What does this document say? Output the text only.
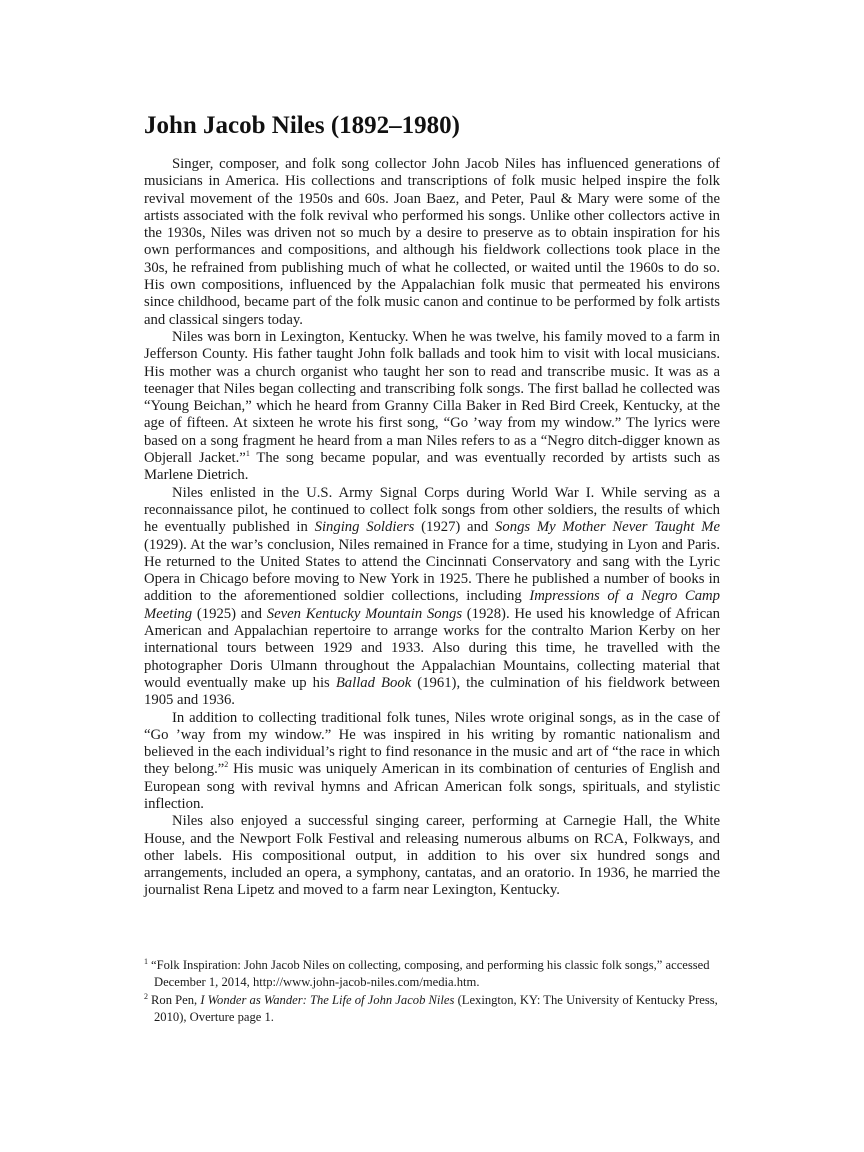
John Jacob Niles (1892–1980)

Singer, composer, and folk song collector John Jacob Niles has influenced generations of musicians in America. His collections and transcriptions of folk music helped inspire the folk revival movement of the 1950s and 60s. Joan Baez, and Peter, Paul & Mary were some of the artists associated with the folk revival who performed his songs. Unlike other collectors active in the 1930s, Niles was driven not so much by a desire to preserve as to obtain inspiration for his own performances and compositions, and although his fieldwork collections took place in the 30s, he refrained from publishing much of what he collected, or waited until the 1960s to do so. His own compositions, influenced by the Appalachian folk music that permeated his environs since childhood, became part of the folk music canon and continue to be performed by folk artists and classical singers today.

Niles was born in Lexington, Kentucky. When he was twelve, his family moved to a farm in Jefferson County. His father taught John folk ballads and took him to visit with local musicians. His mother was a church organist who taught her son to read and transcribe music. It was as a teenager that Niles began collecting and transcribing folk songs. The first ballad he collected was “Young Beichan,” which he heard from Granny Cilla Baker in Red Bird Creek, Kentucky, at the age of fifteen. At sixteen he wrote his first song, “Go ’way from my window.” The lyrics were based on a song fragment he heard from a man Niles refers to as a “Negro ditch-digger known as Objerall Jacket.”$^1$ The song became popular, and was eventually recorded by artists such as Marlene Dietrich.

Niles enlisted in the U.S. Army Signal Corps during World War I. While serving as a reconnaissance pilot, he continued to collect folk songs from other soldiers, the results of which he eventually published in Singing Soldiers (1927) and Songs My Mother Never Taught Me (1929). At the war’s conclusion, Niles remained in France for a time, studying in Lyon and Paris. He returned to the United States to attend the Cincinnati Conservatory and sang with the Lyric Opera in Chicago before moving to New York in 1925. There he published a number of books in addition to the aforementioned soldier collections, including Impressions of a Negro Camp Meeting (1925) and Seven Kentucky Mountain Songs (1928). He used his knowledge of African American and Appalachian repertoire to arrange works for the contralto Marion Kerby on her international tours between 1929 and 1933. Also during this time, he travelled with the photographer Doris Ulmann throughout the Appalachian Mountains, collecting material that would eventually make up his Ballad Book (1961), the culmination of his fieldwork between 1905 and 1936.

In addition to collecting traditional folk tunes, Niles wrote original songs, as in the case of “Go ’way from my window.” He was inspired in his writing by romantic nationalism and believed in the each individual’s right to find resonance in the music and art of “the race in which they belong.”$^2$ His music was uniquely American in its combination of centuries of English and European song with revival hymns and African American folk songs, spirituals, and stylistic inflection.

Niles also enjoyed a successful singing career, performing at Carnegie Hall, the White House, and the Newport Folk Festival and releasing numerous albums on RCA, Folkways, and other labels. His compositional output, in addition to his over six hundred songs and arrangements, included an opera, a symphony, cantatas, and an oratorio. In 1936, he married the journalist Rena Lipetz and moved to a farm near Lexington, Kentucky.

$^1$ “Folk Inspiration: John Jacob Niles on collecting, composing, and performing his classic folk songs,” accessed December 1, 2014, http://www.john-jacob-niles.com/media.htm.

$^2$ Ron Pen, I Wonder as Wander: The Life of John Jacob Niles (Lexington, KY: The University of Kentucky Press, 2010), Overture page 1.
